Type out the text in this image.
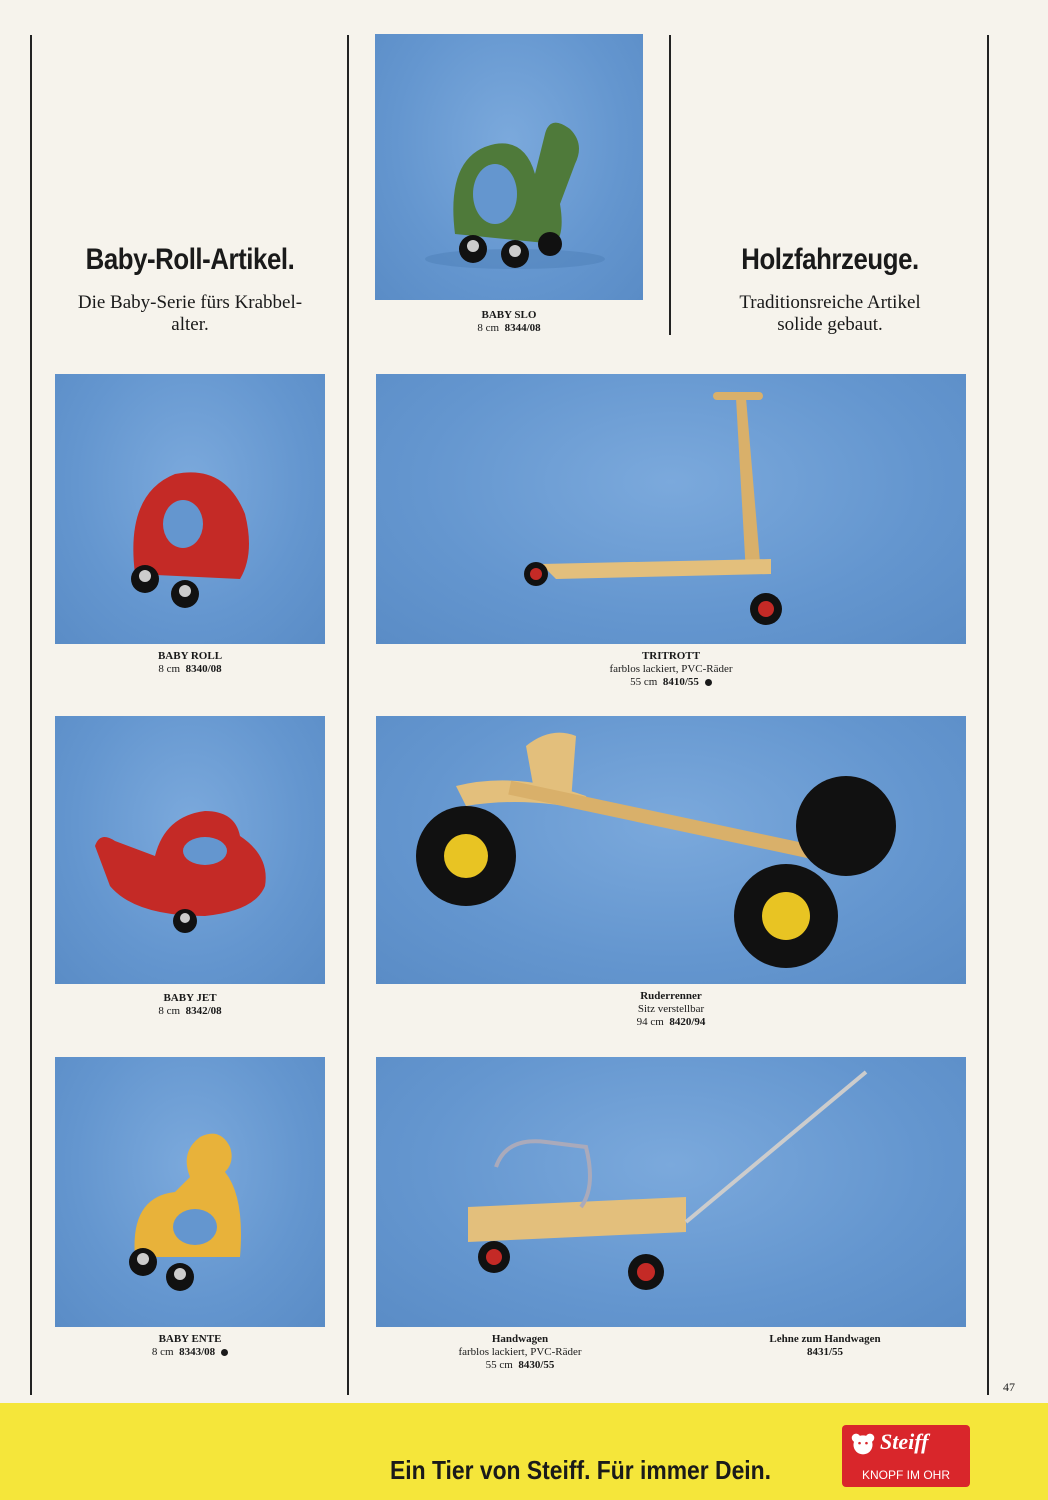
Baby-Roll-Artikel.
Die Baby-Serie fürs Krabbel-
alter.
Holzfahrzeuge.
Traditionsreiche Artikel
solide gebaut.
BABY SLO
8 cm 8344/08
BABY ROLL
8 cm 8340/08
BABY JET
8 cm 8342/08
BABY ENTE
8 cm 8343/08
TRITROTT
farblos lackiert, PVC-Räder
55 cm 8410/55
Ruderrenner
Sitz verstellbar
94 cm 8420/94
Handwagen
farblos lackiert, PVC-Räder
55 cm 8430/55
Lehne zum Handwagen
8431/55
47
Ein Tier von Steiff. Für immer Dein.
Steiff
KNOPF IM OHR
